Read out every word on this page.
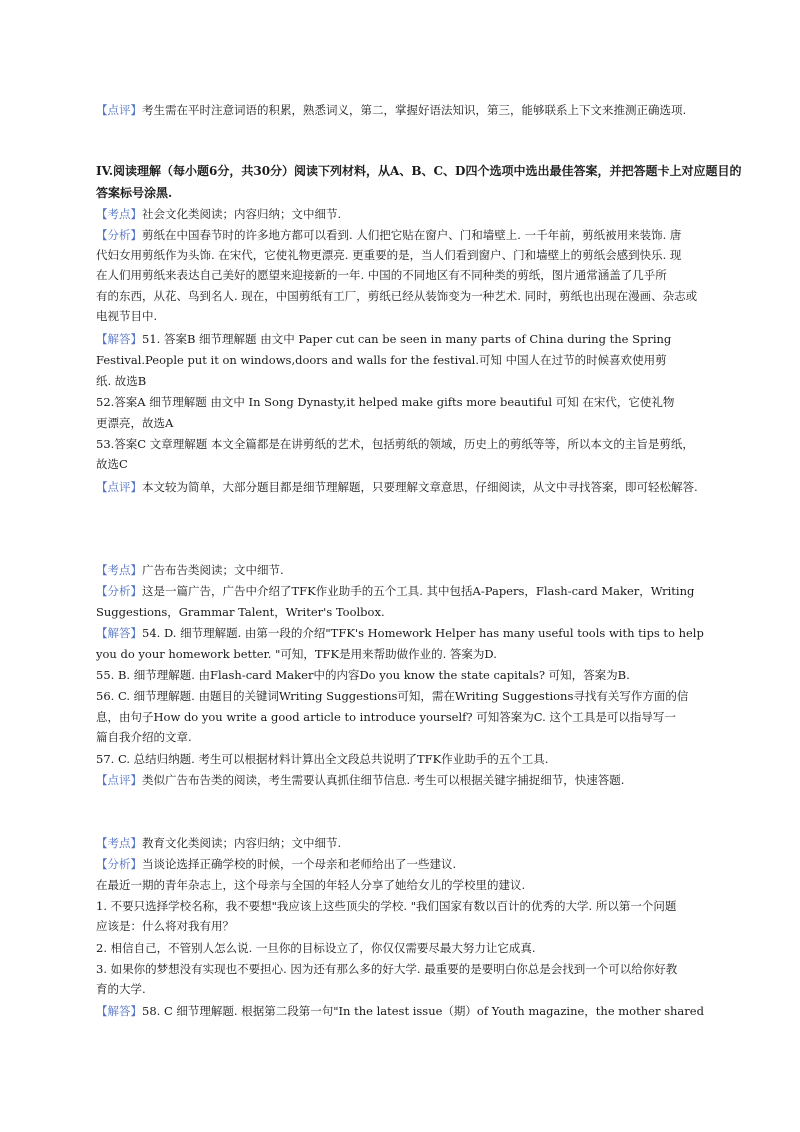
【点评】考生需在平时注意词语的积累，熟悉词义，第二，掌握好语法知识，第三，能够联系上下文来推测正确选项.
IV.阅读理解（每小题6分，共30分）阅读下列材料，从A、B、C、D四个选项中选出最佳答案，并把答题卡上对应题目的
答案标号涂黑.
【考点】社会文化类阅读；内容归纳；文中细节.
【分析】剪纸在中国春节时的许多地方都可以看到. 人们把它贴在窗户、门和墙壁上. 一千年前，剪纸被用来装饰. 唐
代妇女用剪纸作为头饰. 在宋代，它使礼物更漂亮. 更重要的是，当人们看到窗户、门和墙壁上的剪纸会感到快乐. 现
在人们用剪纸来表达自己美好的愿望来迎接新的一年. 中国的不同地区有不同种类的剪纸，图片通常涵盖了几乎所
有的东西，从花、鸟到名人. 现在，中国剪纸有工厂，剪纸已经从装饰变为一种艺术. 同时，剪纸也出现在漫画、杂志或
电视节目中.
【解答】51. 答案B 细节理解题 由文中 Paper cut can be seen in many parts of China during the Spring
Festival.People put it on windows,doors and walls for the festival.可知 中国人在过节的时候喜欢使用剪
纸. 故选B
52.答案A 细节理解题 由文中 In Song Dynasty,it helped make gifts more beautiful 可知 在宋代，它使礼物
更漂亮，故选A
53.答案C 文章理解题 本文全篇都是在讲剪纸的艺术，包括剪纸的领域，历史上的剪纸等等，所以本文的主旨是剪纸，
故选C
【点评】本文较为简单，大部分题目都是细节理解题，只要理解文章意思，仔细阅读，从文中寻找答案，即可轻松解答.
【考点】广告布告类阅读；文中细节.
【分析】这是一篇广告，广告中介绍了TFK作业助手的五个工具. 其中包括A-Papers，Flash-card Maker，Writing
Suggestions，Grammar Talent，Writer's Toolbox.
【解答】54. D. 细节理解题. 由第一段的介绍"TFK's Homework Helper has many useful tools with tips to help
you do your homework better. "可知，TFK是用来帮助做作业的. 答案为D.
55. B. 细节理解题. 由Flash-card Maker中的内容Do you know the state capitals? 可知，答案为B.
56. C. 细节理解题. 由题目的关键词Writing Suggestions可知，需在Writing Suggestions寻找有关写作方面的信
息，由句子How do you write a good article to introduce yourself? 可知答案为C. 这个工具是可以指导写一
篇自我介绍的文章.
57. C. 总结归纳题. 考生可以根据材料计算出全文段总共说明了TFK作业助手的五个工具.
【点评】类似广告布告类的阅读，考生需要认真抓住细节信息. 考生可以根据关键字捕捉细节，快速答题.
【考点】教育文化类阅读；内容归纳；文中细节.
【分析】当谈论选择正确学校的时候，一个母亲和老师给出了一些建议.
在最近一期的青年杂志上，这个母亲与全国的年轻人分享了她给女儿的学校里的建议.
1. 不要只选择学校名称，我不要想"我应该上这些顶尖的学校. "我们国家有数以百计的优秀的大学. 所以第一个问题
应该是：什么将对我有用？
2. 相信自己，不管别人怎么说. 一旦你的目标设立了，你仅仅需要尽最大努力让它成真.
3. 如果你的梦想没有实现也不要担心. 因为还有那么多的好大学. 最重要的是要明白你总是会找到一个可以给你好教
育的大学.
【解答】58. C 细节理解题. 根据第二段第一句"In the latest issue（期）of Youth magazine，the mother shared
